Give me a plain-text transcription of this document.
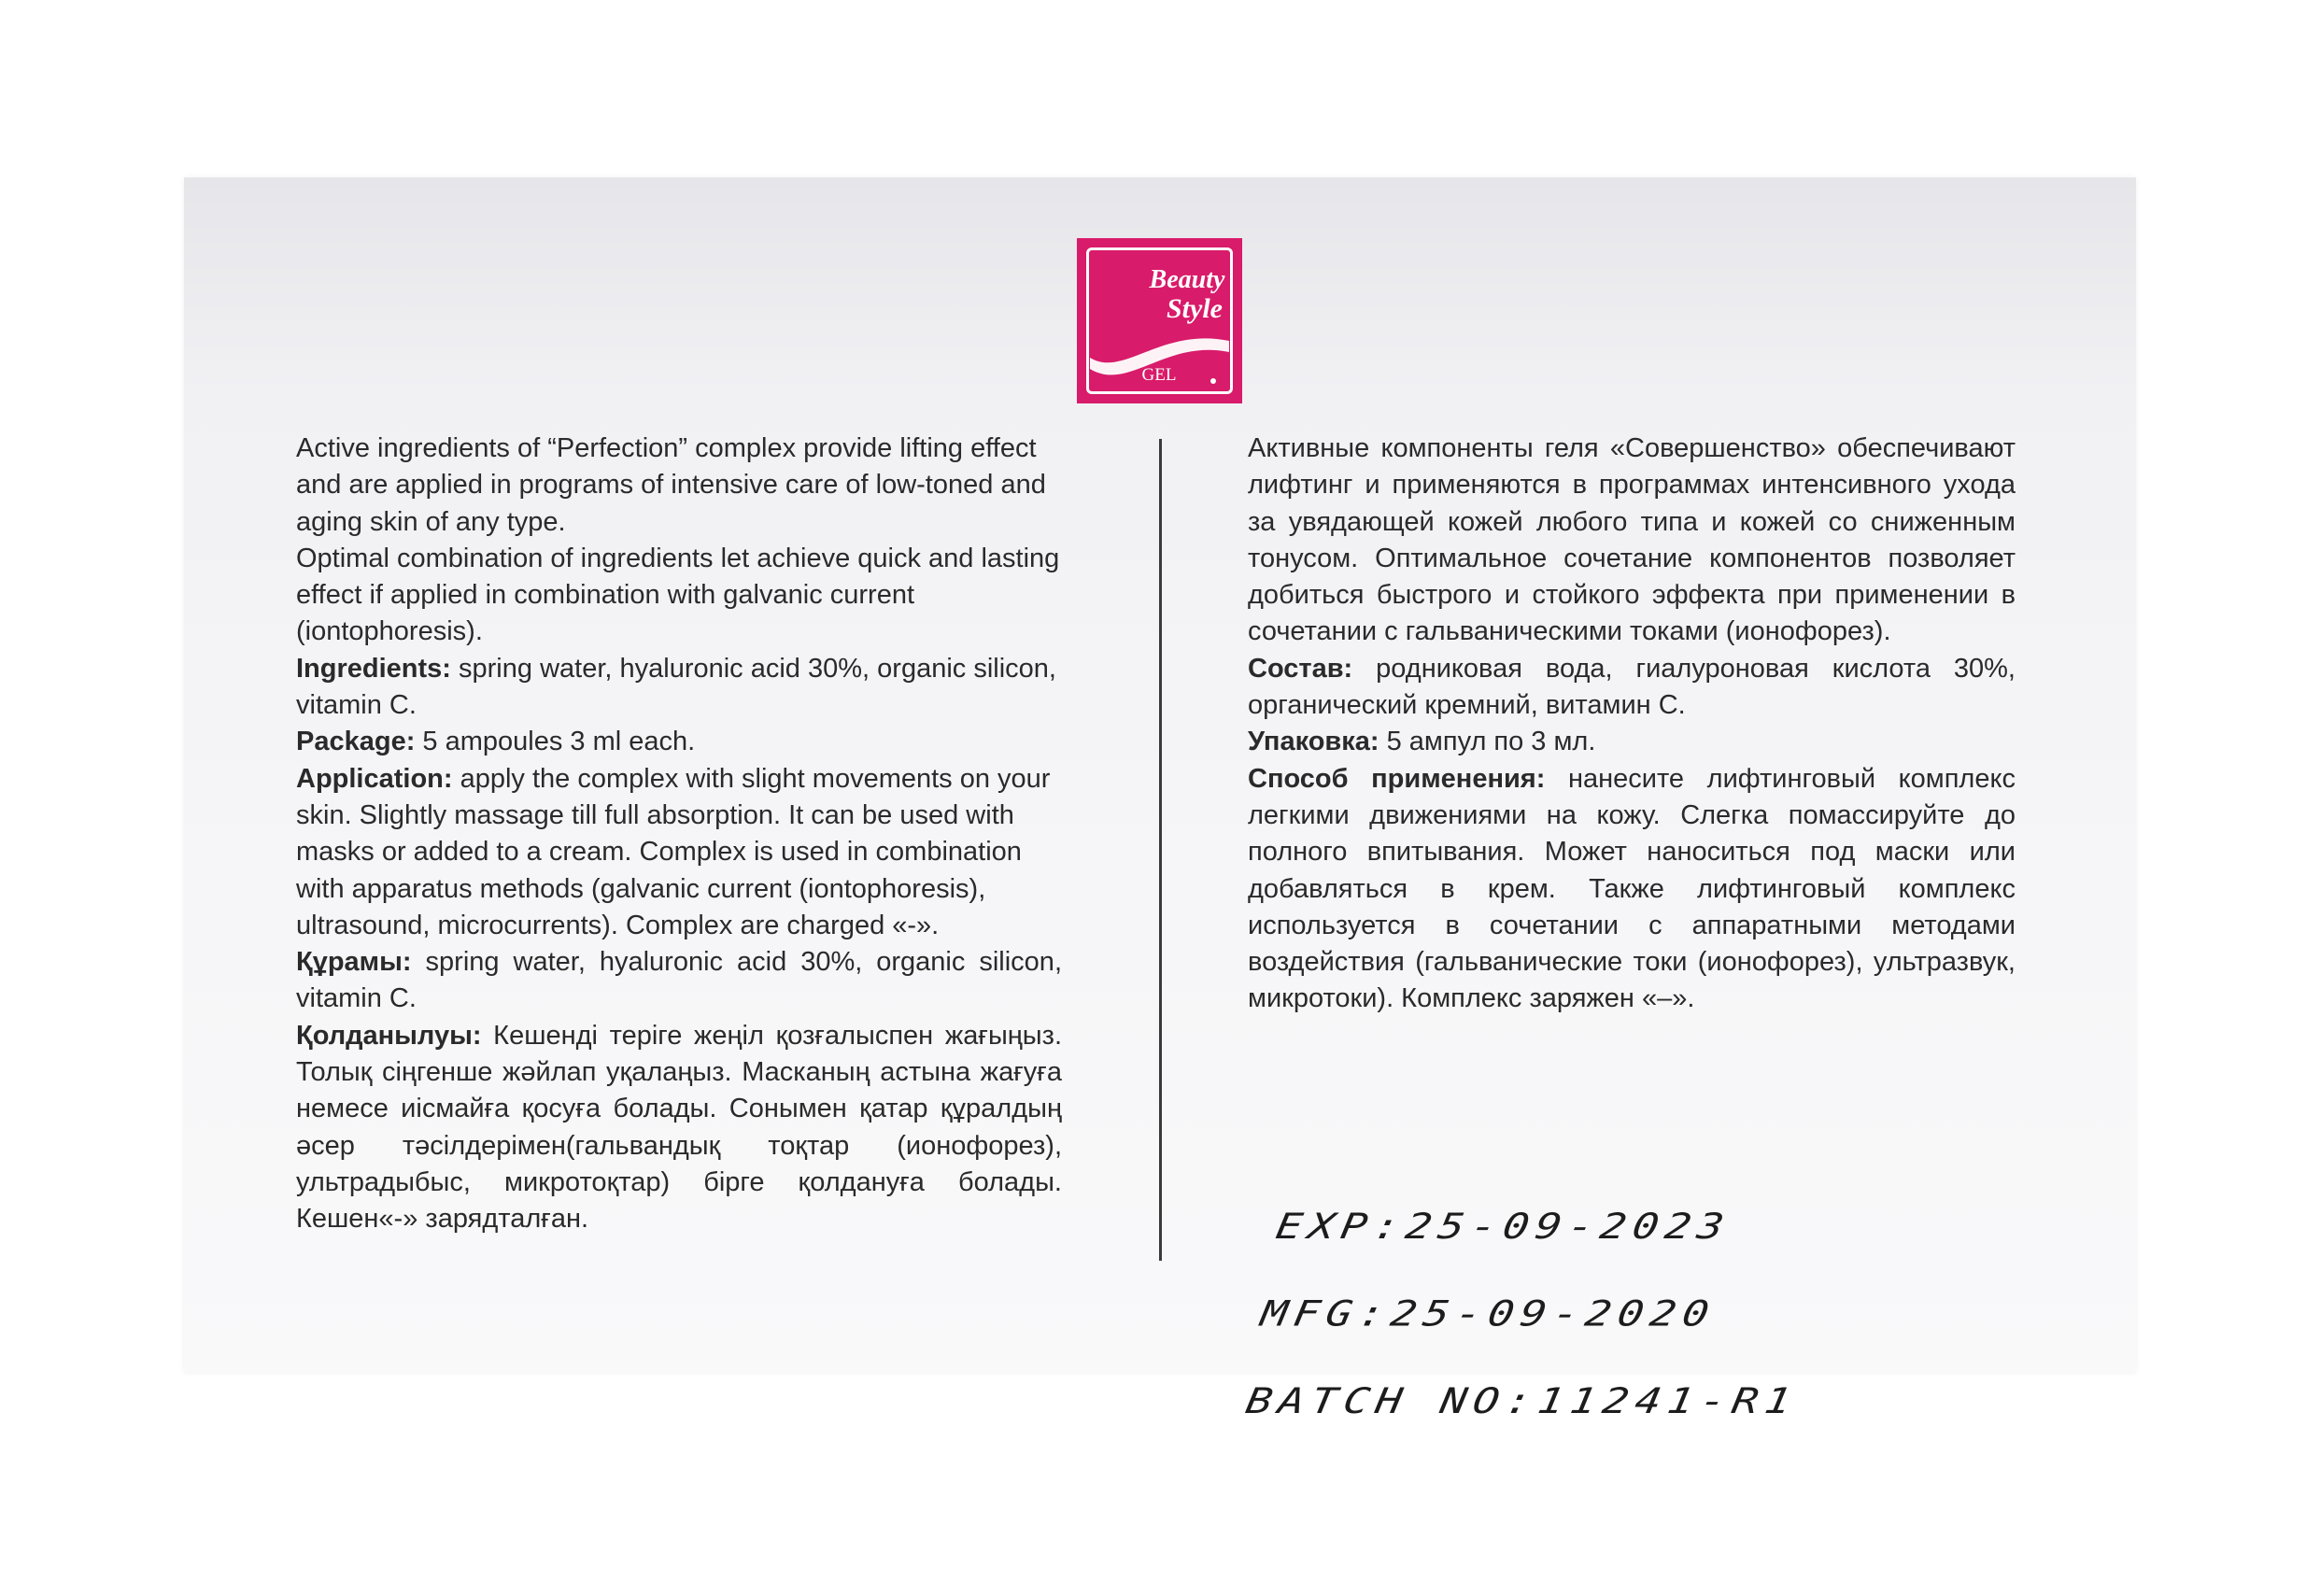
Beauty
Style
GEL

Active ingredients of “Perfection” complex provide lifting effect and are applied in programs of intensive care of low-toned and aging skin of any type.

Optimal combination of ingredients let achieve quick and lasting effect if applied in combination with galvanic current (iontophoresis).

Ingredients: spring water, hyaluronic acid 30%, organic silicon, vitamin C.

Package: 5 ampoules 3 ml each.

Application: apply the complex with slight movements on your skin. Slightly massage till full absorption. It can be used with masks or added to a cream. Complex is used in combination with apparatus methods (galvanic current (iontophoresis), ultrasound, microcurrents). Complex are charged «-».

Құрамы: spring water, hyaluronic acid 30%, organic silicon, vitamin C.

Қолданылуы: Кешенді теріге жеңіл қозғалыспен жағыңыз. Толық сіңгенше жәйлап уқалаңыз. Масканың астына жағуға немесе иісмайға қосуға болады. Сонымен қатар құралдың әсер тәсілдерімен(гальвандық тоқтар (ионофорез), ультрадыбыс, микротоқтар) бірге қолдануға болады. Кешен«-» зарядталған.

Активные компоненты геля «Совершенство» обеспечивают лифтинг и применяются в программах интенсивного ухода за увядающей кожей любого типа и кожей со сниженным тонусом. Оптимальное сочетание компонентов позволяет добиться быстрого и стойкого эффекта при применении в сочетании с гальваническими токами (ионофорез).

Состав: родниковая вода, гиалуроновая кислота 30%, органический кремний, витамин С.

Упаковка: 5 ампул по 3 мл.

Способ применения: нанесите лифтинговый комплекс легкими движениями на кожу. Слегка помассируйте до полного впитывания. Может наноситься под маски или добавляться в крем. Также лифтинговый комплекс используется в сочетании с аппаратными методами воздействия (гальванические токи (ионофорез), ультразвук, микротоки). Комплекс заряжен «–».

EXP:25-09-2023

MFG:25-09-2020

BATCH NO:11241-R1
